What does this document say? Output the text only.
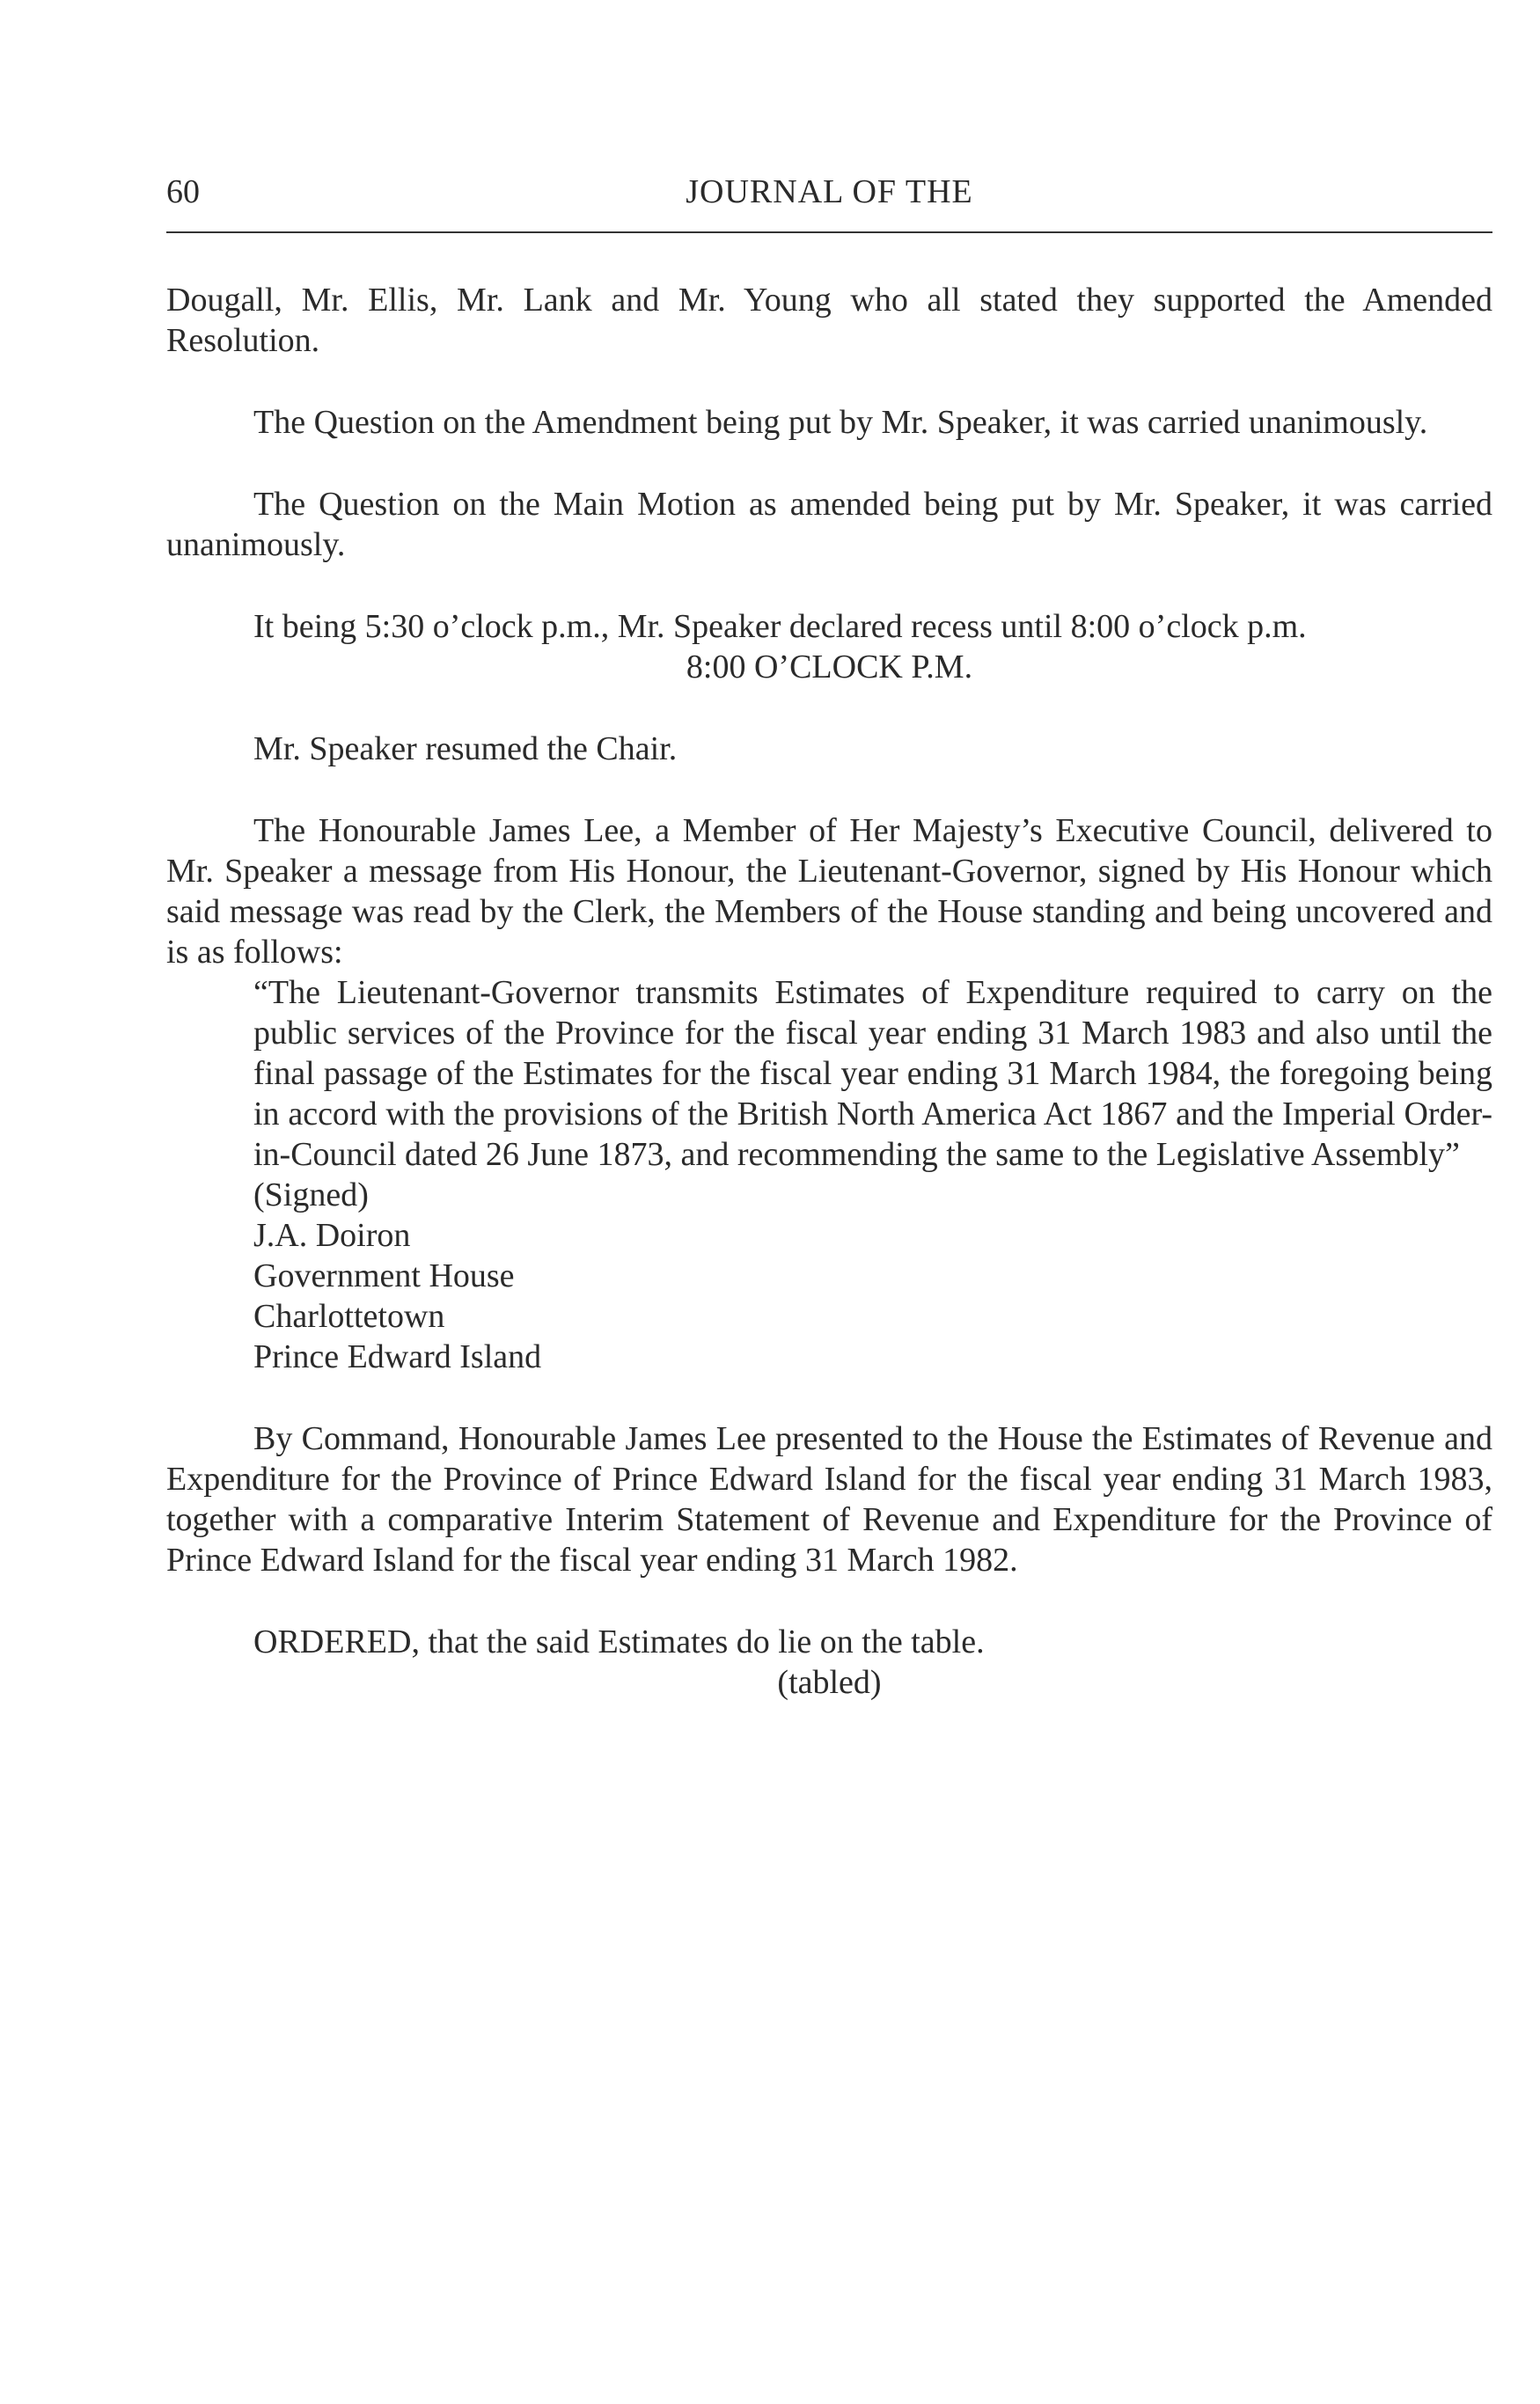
60	JOURNAL OF THE

Dougall, Mr. Ellis, Mr. Lank and Mr. Young who all stated they supported the Amended Resolution.

The Question on the Amendment being put by Mr. Speaker, it was carried unanimously.

The Question on the Main Motion as amended being put by Mr. Speaker, it was carried unanimously.

It being 5:30 o’clock p.m., Mr. Speaker declared recess until 8:00 o’clock p.m.

8:00 O’CLOCK P.M.

Mr. Speaker resumed the Chair.

The Honourable James Lee, a Member of Her Majesty’s Executive Council, delivered to Mr. Speaker a message from His Honour, the Lieutenant-Governor, signed by His Honour which said message was read by the Clerk, the Members of the House standing and being uncovered and is as follows:

“The Lieutenant-Governor transmits Estimates of Expenditure required to carry on the public services of the Province for the fiscal year ending 31 March 1983 and also until the final passage of the Estimates for the fiscal year ending 31 March 1984, the foregoing being in accord with the provisions of the British North America Act 1867 and the Imperial Order-in-Council dated 26 June 1873, and recommending the same to the Legislative Assembly”

(Signed)

J.A. Doiron
Government House
Charlottetown
Prince Edward Island

By Command, Honourable James Lee presented to the House the Estimates of Revenue and Expenditure for the Province of Prince Edward Island for the fiscal year ending 31 March 1983, together with a comparative Interim Statement of Revenue and Expenditure for the Province of Prince Edward Island for the fiscal year ending 31 March 1982.

ORDERED, that the said Estimates do lie on the table.

(tabled)
